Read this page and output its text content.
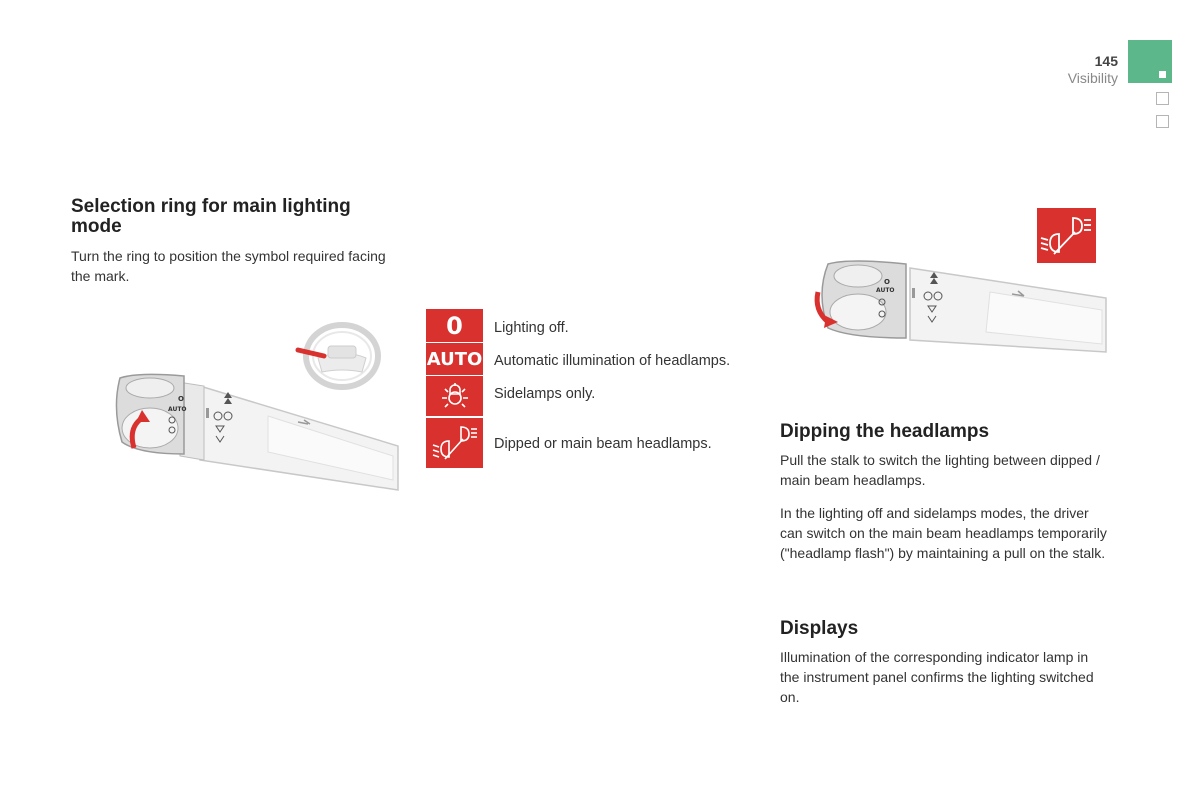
145
Visibility
Selection ring for main lighting mode

Turn the ring to position the symbol required facing the mark.

O
AUTO
0 Lighting off.
AUTO Automatic illumination of headlamps.
Sidelamps only.
Dipped or main beam headlamps.
O
AUTO
Dipping the headlamps

Pull the stalk to switch the lighting between dipped / main beam headlamps.

In the lighting off and sidelamps modes, the driver can switch on the main beam headlamps temporarily ("headlamp flash") by maintaining a pull on the stalk.

Displays

Illumination of the corresponding indicator lamp in the instrument panel confirms the lighting switched on.
